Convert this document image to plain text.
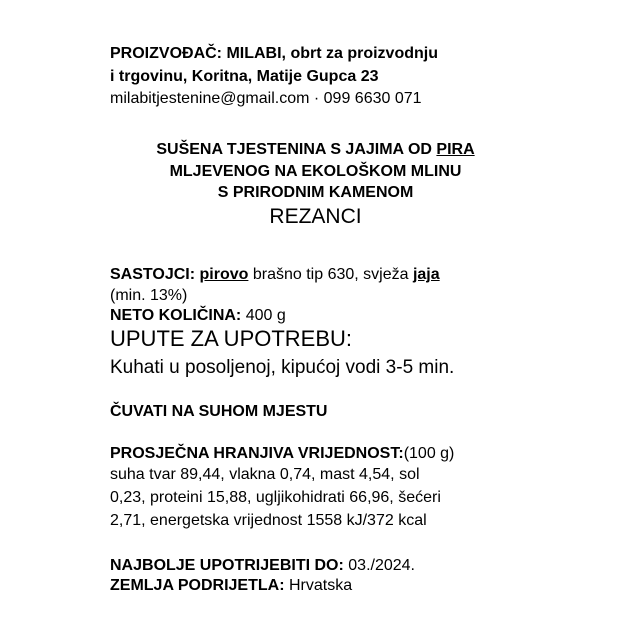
PROIZVOĐAČ: MILABI, obrt za proizvodnju
i trgovinu, Koritna, Matije Gupca 23
milabitjestenine@gmail.com · 099 6630 071
SUŠENA TJESTENINA S JAJIMA OD PIRA
MLJEVENOG NA EKOLOŠKOM MLINU
S PRIRODNIM KAMENOM
REZANCI
SASTOJCI: pirovo brašno tip 630, svježa jaja
(min. 13%)
NETO KOLIČINA: 400 g
UPUTE ZA UPOTREBU:
Kuhati u posoljenoj, kipućoj vodi 3-5 min.
ČUVATI NA SUHOM MJESTU
PROSJEČNA HRANJIVA VRIJEDNOST:(100 g)
suha tvar 89,44, vlakna 0,74, mast 4,54, sol
0,23, proteini 15,88, ugljikohidrati 66,96, šećeri
2,71, energetska vrijednost 1558 kJ/372 kcal
NAJBOLJE UPOTRIJEBITI DO: 03./2024.
ZEMLJA PODRIJETLA: Hrvatska
